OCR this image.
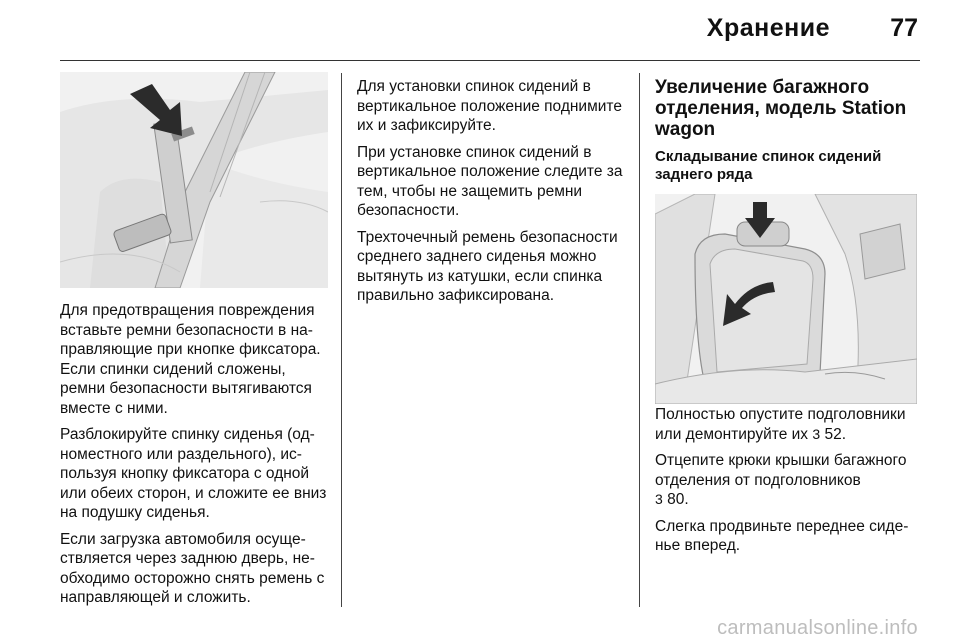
Хранение 77

Для предотвращения повреждения вставьте ремни безопасности в направляющие при кнопке фиксатора. Если спинки сидений сложены, ремни безопасности вытягиваются вместе с ними.

Разблокируйте спинку сиденья (одноместного или раздельного), используя кнопку фиксатора с одной или обеих сторон, и сложите ее вниз на подушку сиденья.

Если загрузка автомобиля осуществляется через заднюю дверь, необходимо осторожно снять ремень с направляющей и сложить.

Для установки спинок сидений в вертикальное положение поднимите их и зафиксируйте.

При установке спинок сидений в вертикальное положение следите за тем, чтобы не защемить ремни безопасности.

Трехточечный ремень безопасности среднего заднего сиденья можно вытянуть из катушки, если спинка правильно зафиксирована.

Увеличение багажного отделения, модель Station wagon
Складывание спинок сидений заднего ряда

Полностью опустите подголовники или демонтируйте их 3 52.

Отцепите крюки крышки багажного отделения от подголовников
3 80.

Слегка продвиньте переднее сиденье вперед.

carmanualsonline.info
